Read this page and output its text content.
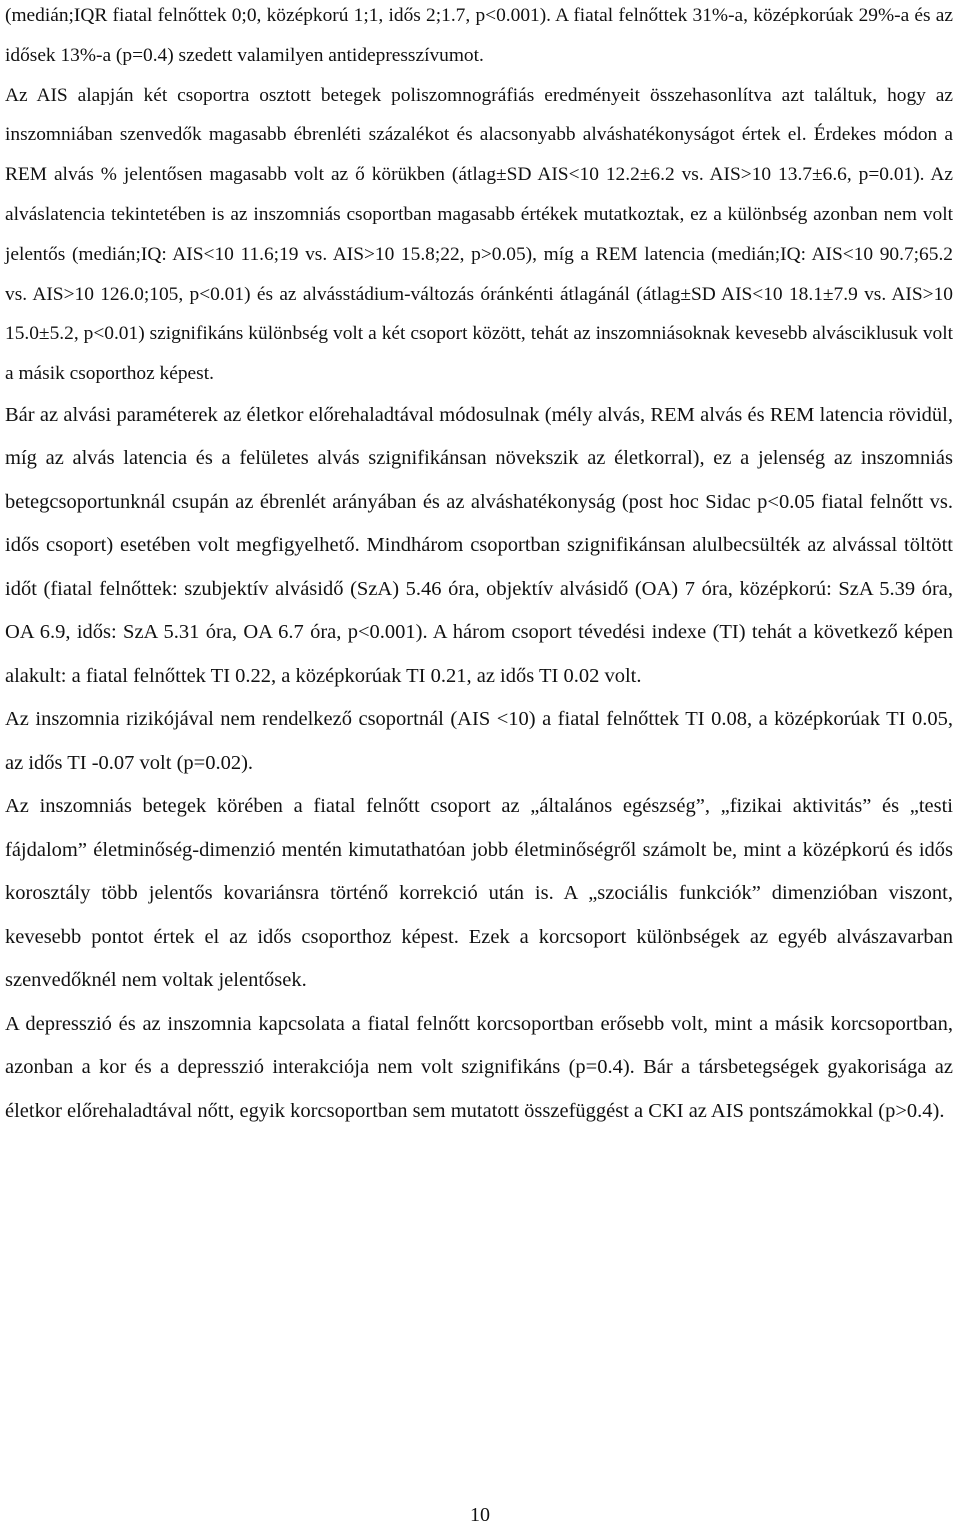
(medián;IQR fiatal felnőttek 0;0, középkorú 1;1, idős 2;1.7, p<0.001). A fiatal felnőttek 31%-a, középkorúak 29%-a és az idősek 13%-a (p=0.4) szedett valamilyen antidepresszívumot.

Az AIS alapján két csoportra osztott betegek poliszomnográfiás eredményeit összehasonlítva azt találtuk, hogy az inszomniában szenvedők magasabb ébrenléti százalékot és alacsonyabb alváshatékonyságot értek el. Érdekes módon a REM alvás % jelentősen magasabb volt az ő körükben (átlag±SD AIS<10 12.2±6.2 vs. AIS>10 13.7±6.6, p=0.01). Az alváslatencia tekintetében is az inszomniás csoportban magasabb értékek mutatkoztak, ez a különbség azonban nem volt jelentős (medián;IQ: AIS<10 11.6;19 vs. AIS>10 15.8;22, p>0.05), míg a REM latencia (medián;IQ: AIS<10 90.7;65.2 vs. AIS>10 126.0;105, p<0.01) és az alvásstádium-változás óránkénti átlagánál (átlag±SD AIS<10 18.1±7.9 vs. AIS>10 15.0±5.2, p<0.01) szignifikáns különbség volt a két csoport között, tehát az inszomniásoknak kevesebb alvásciklusuk volt a másik csoporthoz képest.

Bár az alvási paraméterek az életkor előrehaladtával módosulnak (mély alvás, REM alvás és REM latencia rövidül, míg az alvás latencia és a felületes alvás szignifikánsan növekszik az életkorral), ez a jelenség az inszomniás betegcsoportunknál csupán az ébrenlét arányában és az alváshatékonyság (post hoc Sidac p<0.05 fiatal felnőtt vs. idős csoport) esetében volt megfigyelhető. Mindhárom csoportban szignifikánsan alulbecsülték az alvással töltött időt (fiatal felnőttek: szubjektív alvásidő (SzA) 5.46 óra, objektív alvásidő (OA) 7 óra, középkorú: SzA 5.39 óra, OA 6.9, idős: SzA 5.31 óra, OA 6.7 óra, p<0.001). A három csoport tévedési indexe (TI) tehát a következő képen alakult: a fiatal felnőttek TI 0.22, a középkorúak TI 0.21, az idős TI 0.02 volt.

Az inszomnia rizikójával nem rendelkező csoportnál (AIS <10) a fiatal felnőttek TI 0.08, a középkorúak TI 0.05, az idős TI -0.07 volt (p=0.02).

Az inszomniás betegek körében a fiatal felnőtt csoport az „általános egészség”, „fizikai aktivitás” és „testi fájdalom” életminőség-dimenzió mentén kimutathatóan jobb életminőségről számolt be, mint a középkorú és idős korosztály több jelentős kovariánsra történő korrekció után is. A „szociális funkciók” dimenzióban viszont, kevesebb pontot értek el az idős csoporthoz képest. Ezek a korcsoport különbségek az egyéb alvászavarban szenvedőknél nem voltak jelentősek.

A depresszió és az inszomnia kapcsolata a fiatal felnőtt korcsoportban erősebb volt, mint a másik korcsoportban, azonban a kor és a depresszió interakciója nem volt szignifikáns (p=0.4). Bár a társbetegségek gyakorisága az életkor előrehaladtával nőtt, egyik korcsoportban sem mutatott összefüggést a CKI az AIS pontszámokkal (p>0.4).

10
